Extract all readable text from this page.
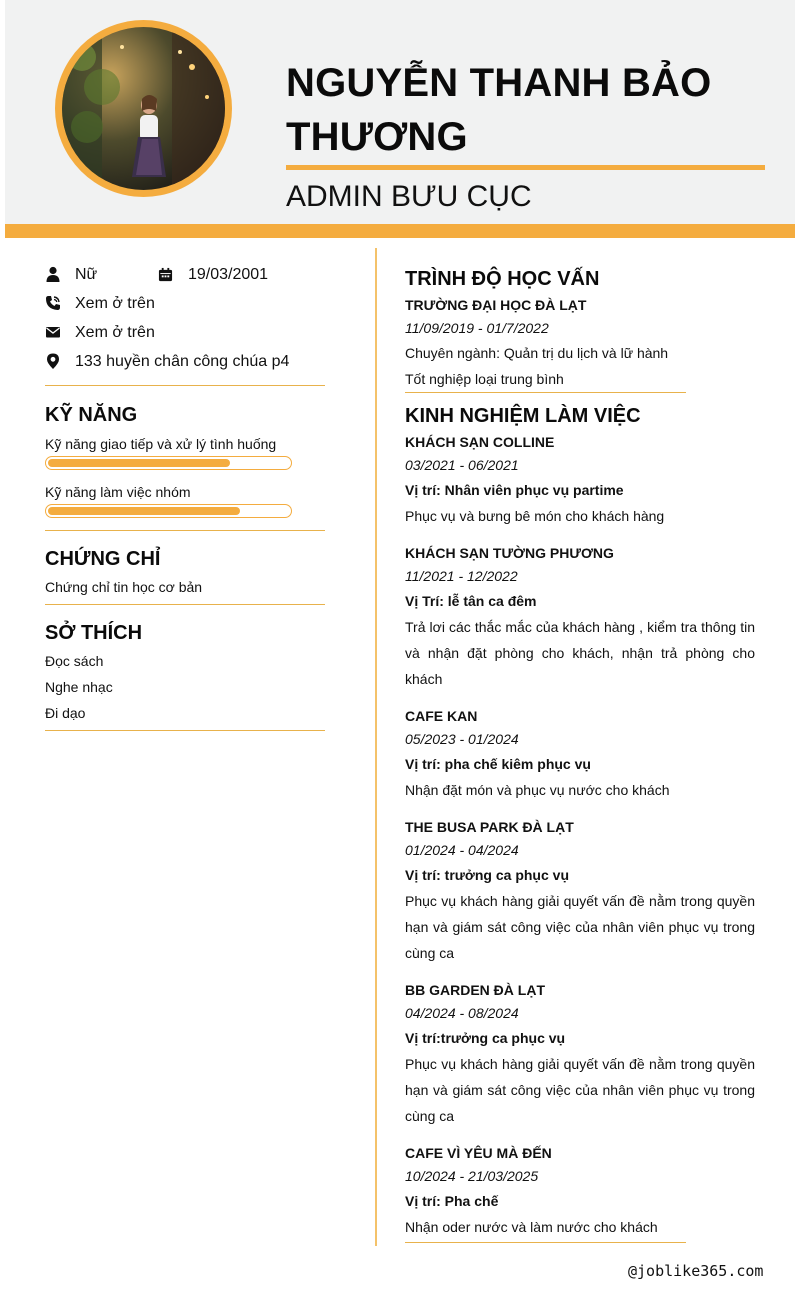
NGUYỄN THANH BẢO THƯƠNG
ADMIN BƯU CỤC
Nữ	19/03/2001
Xem ở trên
Xem ở trên
133 huyền chân công chúa p4
KỸ NĂNG
Kỹ năng giao tiếp và xử lý tình huống
Kỹ năng làm việc nhóm
CHỨNG CHỈ
Chứng chỉ tin học cơ bản
SỞ THÍCH
Đọc sách
Nghe nhạc
Đi dạo
TRÌNH ĐỘ HỌC VẤN
TRƯỜNG ĐẠI HỌC ĐÀ LẠT
11/09/2019 - 01/7/2022
Chuyên ngành: Quản trị du lịch và lữ hành
Tốt nghiệp loại trung bình
KINH NGHIỆM LÀM VIỆC
KHÁCH SẠN COLLINE
03/2021 - 06/2021
Vị trí: Nhân viên phục vụ partime
Phục vụ và bưng bê món cho khách hàng
KHÁCH SẠN TƯỜNG PHƯƠNG
11/2021 - 12/2022
Vị Trí: lễ tân ca đêm
Trả lơi các thắc mắc của khách hàng , kiểm tra thông tin và nhận đặt phòng cho khách, nhận trả phòng cho khách
CAFE KAN
05/2023 - 01/2024
Vị trí: pha chế kiêm phục vụ
Nhận đặt món và phục vụ nước cho khách
THE BUSA PARK ĐÀ LẠT
01/2024 - 04/2024
Vị trí: trưởng ca phục vụ
Phục vụ khách hàng giải quyết vấn đề nằm trong quyền hạn và giám sát công việc của nhân viên phục vụ trong cùng ca
BB GARDEN ĐÀ LẠT
04/2024 - 08/2024
Vị trí:trưởng ca phục vụ
Phục vụ khách hàng giải quyết vấn đề nằm trong quyền hạn và giám sát công việc của nhân viên phục vụ trong cùng ca
CAFE VÌ YÊU MÀ ĐẾN
10/2024 - 21/03/2025
Vị trí: Pha chế
Nhận oder nước và làm nước cho khách
@joblike365.com
